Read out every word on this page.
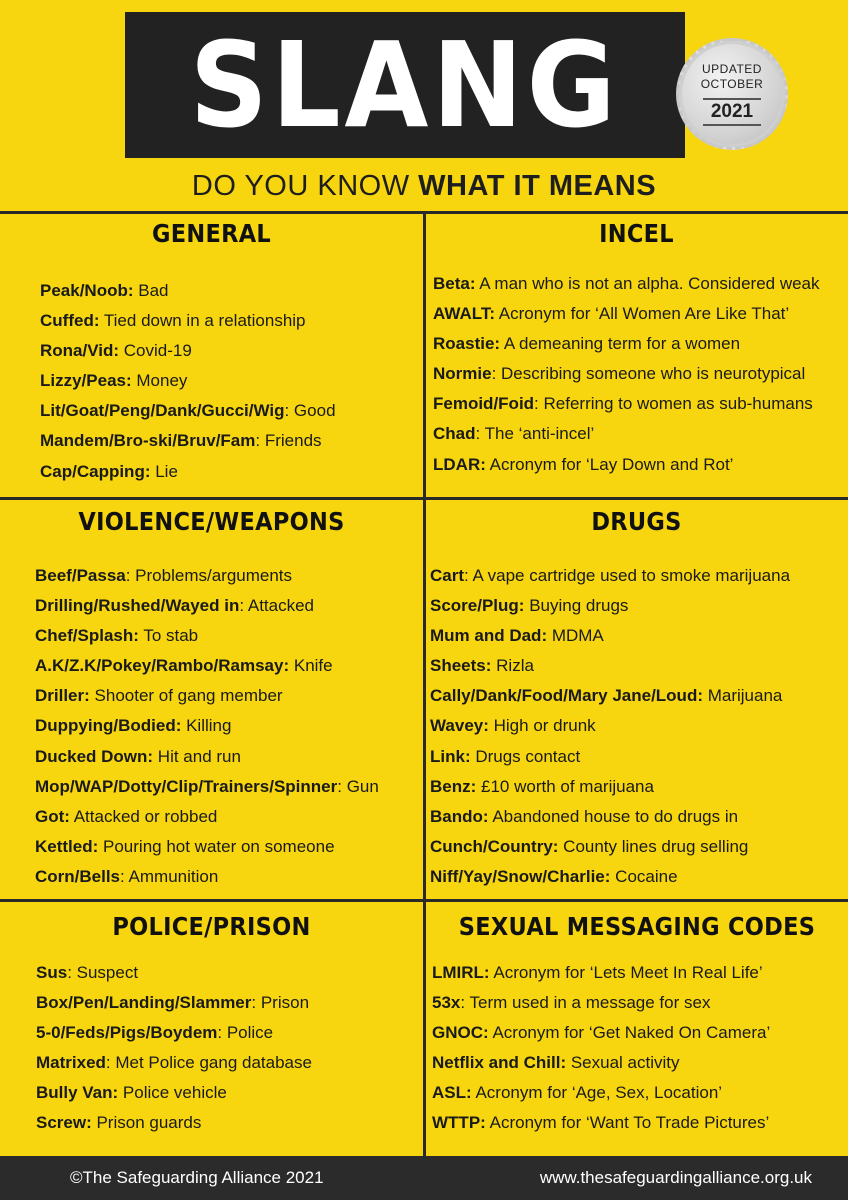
SLANG	UPDATED
OCTOBER
2021
DO YOU KNOW WHAT IT MEANS
GENERAL
Peak/Noob: Bad
Cuffed: Tied down in a relationship
Rona/Vid: Covid-19
Lizzy/Peas: Money
Lit/Goat/Peng/Dank/Gucci/Wig: Good
Mandem/Bro-ski/Bruv/Fam: Friends
Cap/Capping: Lie
INCEL
Beta: A man who is not an alpha. Considered weak
AWALT: Acronym for ‘All Women Are Like That’
Roastie: A demeaning term for a women
Normie: Describing someone who is neurotypical
Femoid/Foid: Referring to women as sub-humans
Chad: The ‘anti-incel’
LDAR: Acronym for ‘Lay Down and Rot’
VIOLENCE/WEAPONS
Beef/Passa: Problems/arguments
Drilling/Rushed/Wayed in: Attacked
Chef/Splash: To stab
A.K/Z.K/Pokey/Rambo/Ramsay: Knife
Driller: Shooter of gang member
Duppying/Bodied: Killing
Ducked Down: Hit and run
Mop/WAP/Dotty/Clip/Trainers/Spinner: Gun
Got: Attacked or robbed
Kettled: Pouring hot water on someone
Corn/Bells: Ammunition
DRUGS
Cart: A vape cartridge used to smoke marijuana
Score/Plug: Buying drugs
Mum and Dad: MDMA
Sheets: Rizla
Cally/Dank/Food/Mary Jane/Loud: Marijuana
Wavey: High or drunk
Link: Drugs contact
Benz: £10 worth of marijuana
Bando: Abandoned house to do drugs in
Cunch/Country: County lines drug selling
Niff/Yay/Snow/Charlie: Cocaine
POLICE/PRISON
Sus: Suspect
Box/Pen/Landing/Slammer: Prison
5-0/Feds/Pigs/Boydem: Police
Matrixed: Met Police gang database
Bully Van: Police vehicle
Screw: Prison guards
SEXUAL MESSAGING CODES
LMIRL: Acronym for ‘Lets Meet In Real Life’
53x: Term used in a message for sex
GNOC: Acronym for ‘Get Naked On Camera’
Netflix and Chill: Sexual activity
ASL: Acronym for ‘Age, Sex, Location’
WTTP: Acronym for ‘Want To Trade Pictures’
©The Safeguarding Alliance 2021	www.thesafeguardingalliance.org.uk
